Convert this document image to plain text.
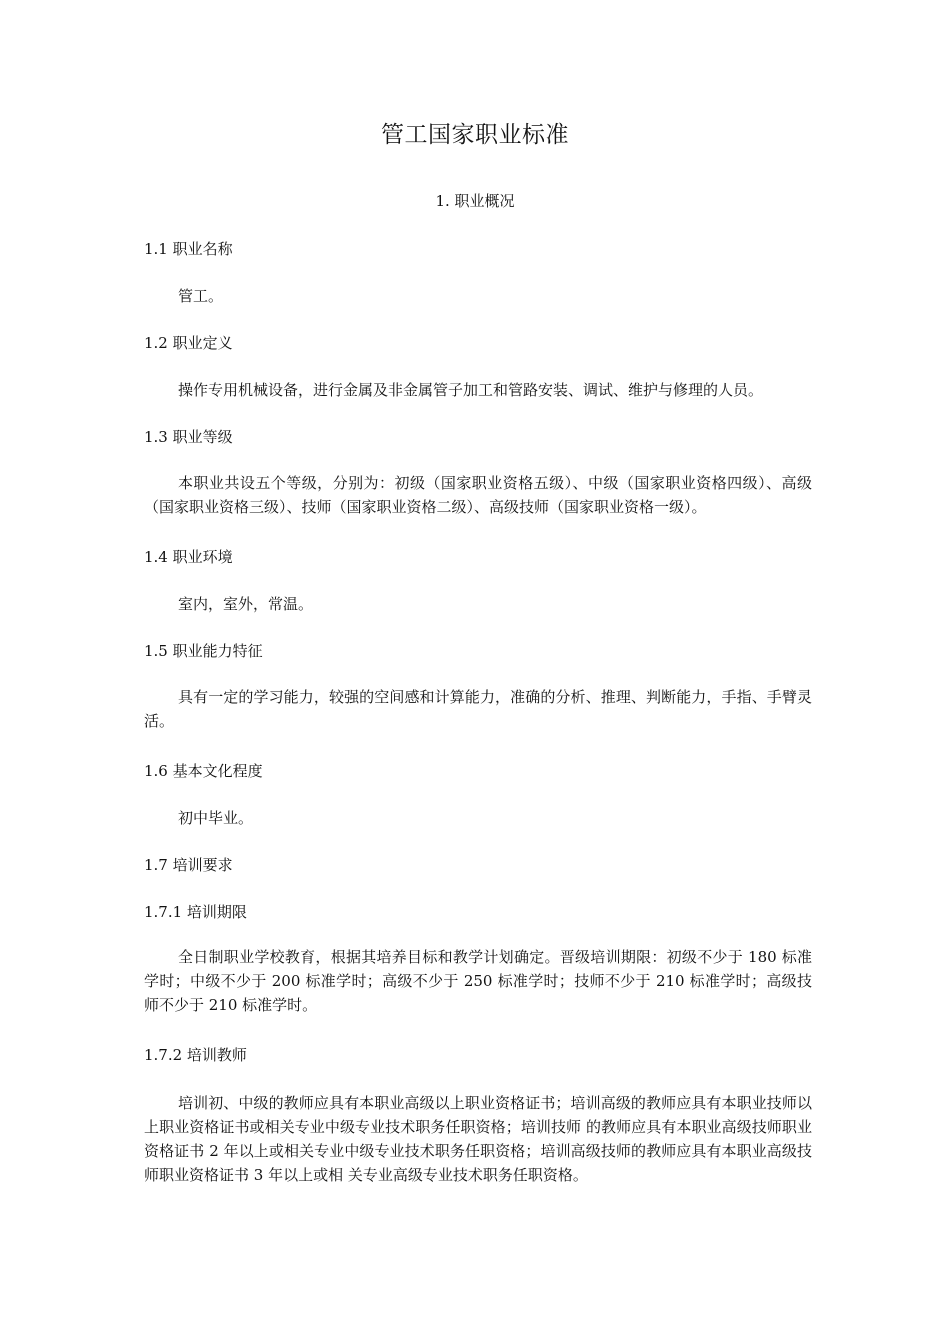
管工国家职业标准
1. 职业概况
1.1 职业名称

管工。

1.2 职业定义

操作专用机械设备，进行金属及非金属管子加工和管路安装、调试、维护与修理的人员。

1.3 职业等级

本职业共设五个等级，分别为：初级（国家职业资格五级）、中级（国家职业资格四级）、高级（国家职业资格三级）、技师（国家职业资格二级）、高级技师（国家职业资格一级）。

1.4 职业环境

室内，室外，常温。

1.5 职业能力特征

具有一定的学习能力，较强的空间感和计算能力，准确的分析、推理、判断能力，手指、手臂灵活。

1.6 基本文化程度

初中毕业。

1.7 培训要求
1.7.1 培训期限

全日制职业学校教育，根据其培养目标和教学计划确定。晋级培训期限：初级不少于 180 标准学时；中级不少于 200 标准学时；高级不少于 250 标准学时；技师不少于 210 标准学时；高级技师不少于 210 标准学时。

1.7.2 培训教师

培训初、中级的教师应具有本职业高级以上职业资格证书；培训高级的教师应具有本职业技师以上职业资格证书或相关专业中级专业技术职务任职资格；培训技师 的教师应具有本职业高级技师职业资格证书 2 年以上或相关专业中级专业技术职务任职资格；培训高级技师的教师应具有本职业高级技师职业资格证书 3 年以上或相 关专业高级专业技术职务任职资格。
